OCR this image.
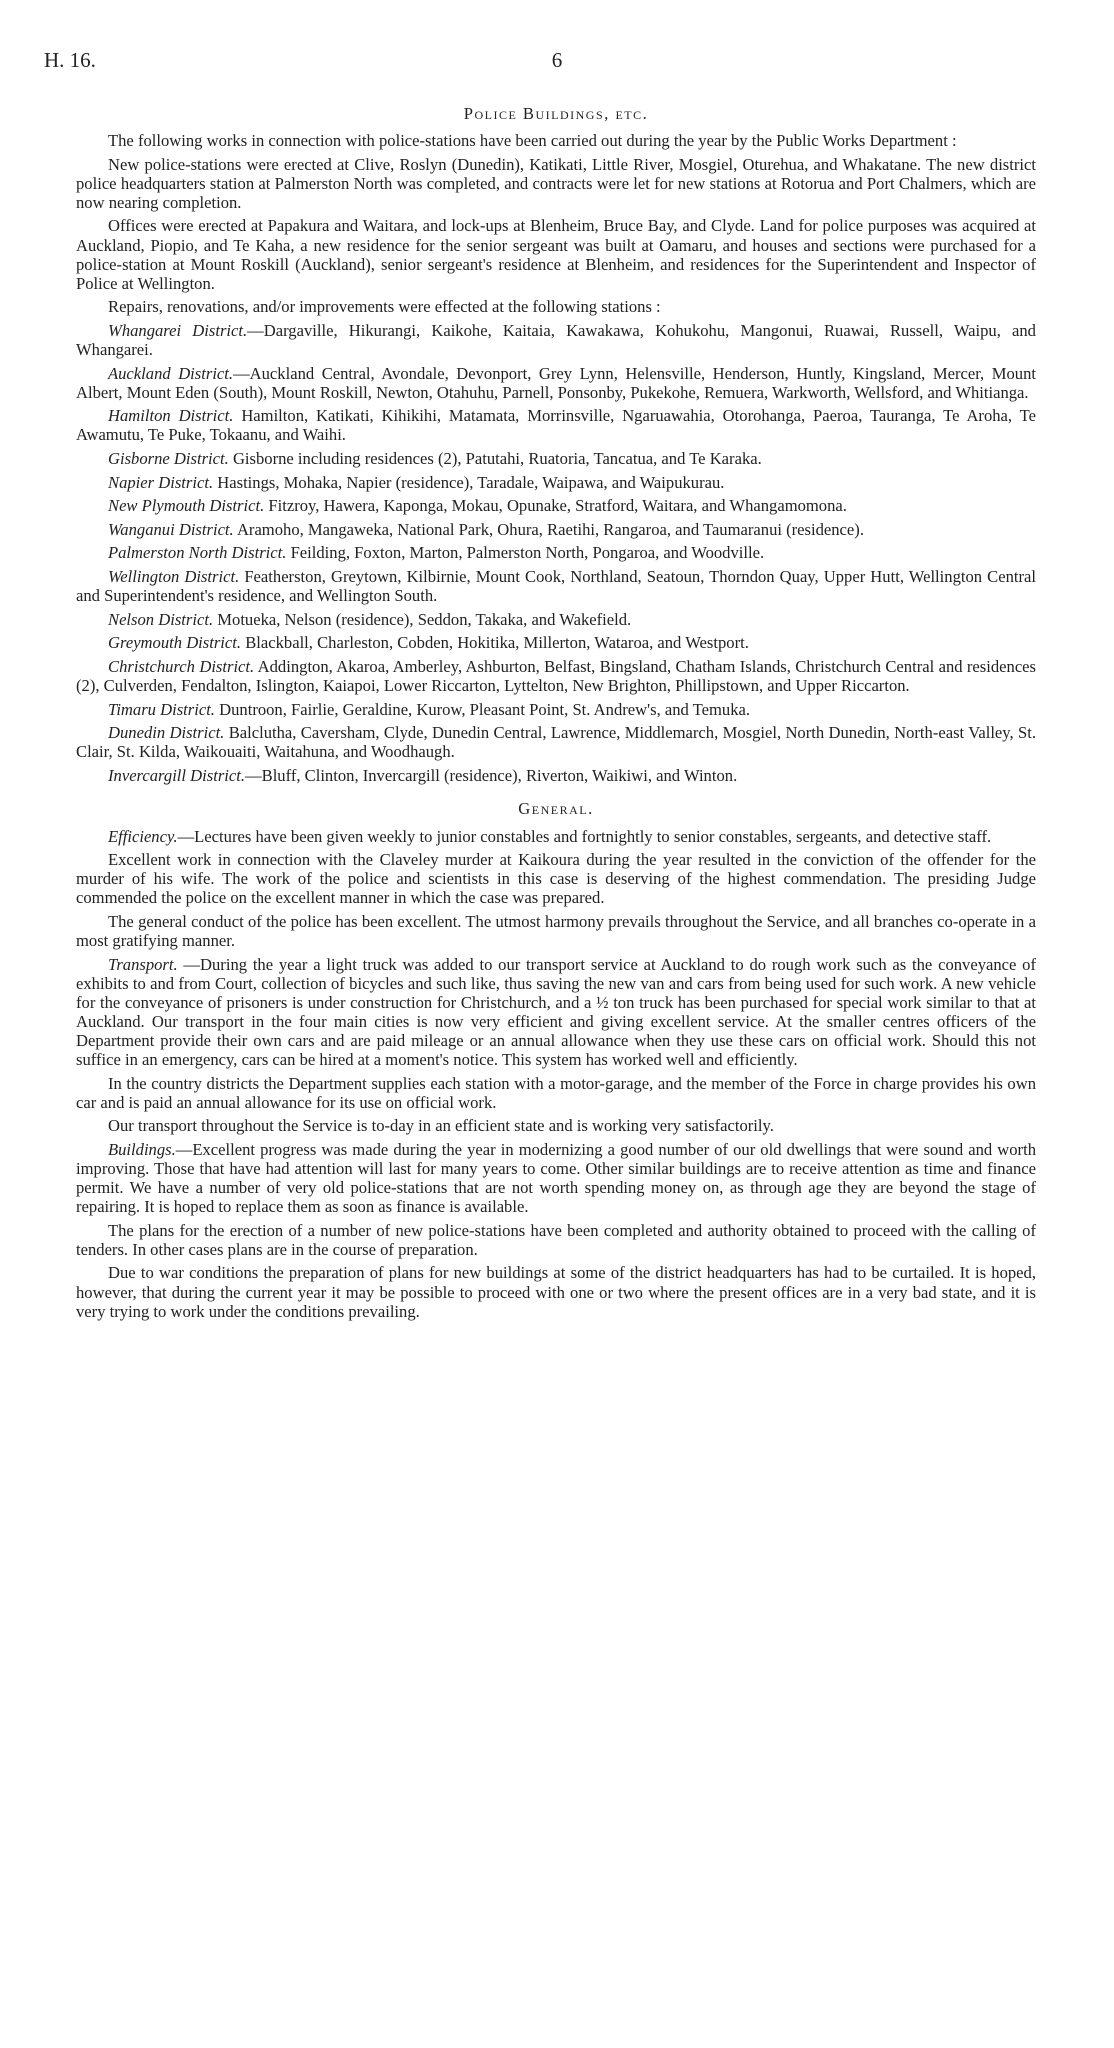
H. 16.	6
Police Buildings, etc.

The following works in connection with police-stations have been carried out during the year by the Public Works Department :

New police-stations were erected at Clive, Roslyn (Dunedin), Katikati, Little River, Mosgiel, Oturehua, and Whakatane. The new district police headquarters station at Palmerston North was completed, and contracts were let for new stations at Rotorua and Port Chalmers, which are now nearing completion.

Offices were erected at Papakura and Waitara, and lock-ups at Blenheim, Bruce Bay, and Clyde. Land for police purposes was acquired at Auckland, Piopio, and Te Kaha, a new residence for the senior sergeant was built at Oamaru, and houses and sections were purchased for a police-station at Mount Roskill (Auckland), senior sergeant's residence at Blenheim, and residences for the Superintendent and Inspector of Police at Wellington.

Repairs, renovations, and/or improvements were effected at the following stations :

Whangarei District.—Dargaville, Hikurangi, Kaikohe, Kaitaia, Kawakawa, Kohukohu, Mangonui, Ruawai, Russell, Waipu, and Whangarei.

Auckland District.—Auckland Central, Avondale, Devonport, Grey Lynn, Helensville, Henderson, Huntly, Kingsland, Mercer, Mount Albert, Mount Eden (South), Mount Roskill, Newton, Otahuhu, Parnell, Ponsonby, Pukekohe, Remuera, Warkworth, Wellsford, and Whitianga.

Hamilton District. Hamilton, Katikati, Kihikihi, Matamata, Morrinsville, Ngaruawahia, Otorohanga, Paeroa, Tauranga, Te Aroha, Te Awamutu, Te Puke, Tokaanu, and Waihi.

Gisborne District. Gisborne including residences (2), Patutahi, Ruatoria, Tancatua, and Te Karaka.

Napier District. Hastings, Mohaka, Napier (residence), Taradale, Waipawa, and Waipukurau.

New Plymouth District. Fitzroy, Hawera, Kaponga, Mokau, Opunake, Stratford, Waitara, and Whangamomona.

Wanganui District. Aramoho, Mangaweka, National Park, Ohura, Raetihi, Rangaroa, and Taumaranui (residence).

Palmerston North District. Feilding, Foxton, Marton, Palmerston North, Pongaroa, and Woodville.

Wellington District. Featherston, Greytown, Kilbirnie, Mount Cook, Northland, Seatoun, Thorndon Quay, Upper Hutt, Wellington Central and Superintendent's residence, and Wellington South.

Nelson District. Motueka, Nelson (residence), Seddon, Takaka, and Wakefield.

Greymouth District. Blackball, Charleston, Cobden, Hokitika, Millerton, Wataroa, and Westport.

Christchurch District. Addington, Akaroa, Amberley, Ashburton, Belfast, Bingsland, Chatham Islands, Christchurch Central and residences (2), Culverden, Fendalton, Islington, Kaiapoi, Lower Riccarton, Lyttelton, New Brighton, Phillipstown, and Upper Riccarton.

Timaru District. Duntroon, Fairlie, Geraldine, Kurow, Pleasant Point, St. Andrew's, and Temuka.

Dunedin District. Balclutha, Caversham, Clyde, Dunedin Central, Lawrence, Middlemarch, Mosgiel, North Dunedin, North-east Valley, St. Clair, St. Kilda, Waikouaiti, Waitahuna, and Woodhaugh.

Invercargill District.—Bluff, Clinton, Invercargill (residence), Riverton, Waikiwi, and Winton.

General.

Efficiency.—Lectures have been given weekly to junior constables and fortnightly to senior constables, sergeants, and detective staff.

Excellent work in connection with the Claveley murder at Kaikoura during the year resulted in the conviction of the offender for the murder of his wife. The work of the police and scientists in this case is deserving of the highest commendation. The presiding Judge commended the police on the excellent manner in which the case was prepared.

The general conduct of the police has been excellent. The utmost harmony prevails throughout the Service, and all branches co-operate in a most gratifying manner.

Transport. —During the year a light truck was added to our transport service at Auckland to do rough work such as the conveyance of exhibits to and from Court, collection of bicycles and such like, thus saving the new van and cars from being used for such work. A new vehicle for the conveyance of prisoners is under construction for Christchurch, and a ½ ton truck has been purchased for special work similar to that at Auckland. Our transport in the four main cities is now very efficient and giving excellent service. At the smaller centres officers of the Department provide their own cars and are paid mileage or an annual allowance when they use these cars on official work. Should this not suffice in an emergency, cars can be hired at a moment's notice. This system has worked well and efficiently.

In the country districts the Department supplies each station with a motor-garage, and the member of the Force in charge provides his own car and is paid an annual allowance for its use on official work.

Our transport throughout the Service is to-day in an efficient state and is working very satisfactorily.

Buildings.—Excellent progress was made during the year in modernizing a good number of our old dwellings that were sound and worth improving. Those that have had attention will last for many years to come. Other similar buildings are to receive attention as time and finance permit. We have a number of very old police-stations that are not worth spending money on, as through age they are beyond the stage of repairing. It is hoped to replace them as soon as finance is available.

The plans for the erection of a number of new police-stations have been completed and authority obtained to proceed with the calling of tenders. In other cases plans are in the course of preparation.

Due to war conditions the preparation of plans for new buildings at some of the district headquarters has had to be curtailed. It is hoped, however, that during the current year it may be possible to proceed with one or two where the present offices are in a very bad state, and it is very trying to work under the conditions prevailing.
